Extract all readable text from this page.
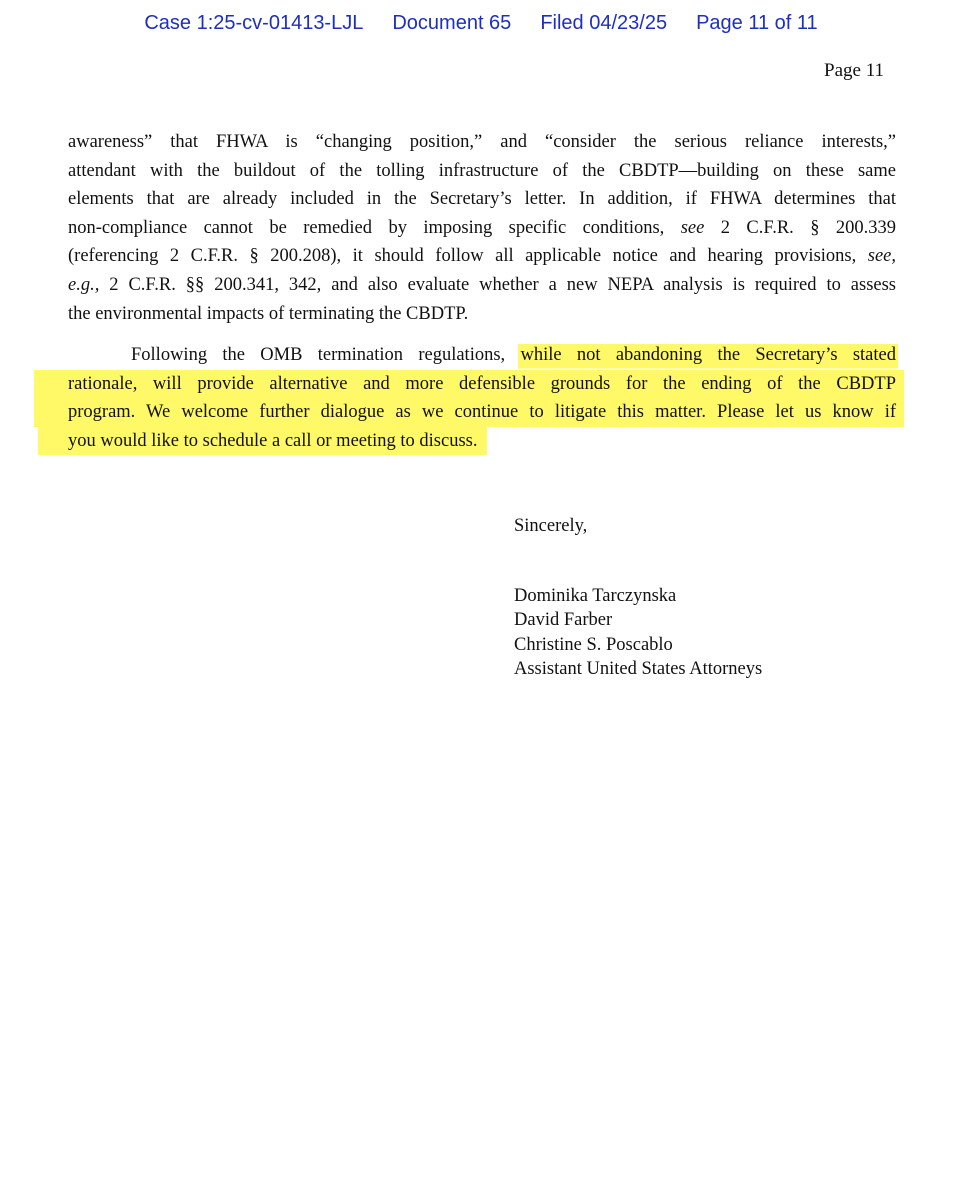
Case 1:25-cv-01413-LJL Document 65 Filed 04/23/25 Page 11 of 11
Page 11
awareness” that FHWA is “changing position,” and “consider the serious reliance interests,”
attendant with the buildout of the tolling infrastructure of the CBDTP—building on these same
elements that are already included in the Secretary’s letter. In addition, if FHWA determines that
non-compliance cannot be remedied by imposing specific conditions, see 2 C.F.R. § 200.339
(referencing 2 C.F.R. § 200.208), it should follow all applicable notice and hearing provisions, see,
e.g., 2 C.F.R. §§ 200.341, 342, and also evaluate whether a new NEPA analysis is required to assess
the environmental impacts of terminating the CBDTP.
Following the OMB termination regulations, while not abandoning the Secretary’s stated
rationale, will provide alternative and more defensible grounds for the ending of the CBDTP
program. We welcome further dialogue as we continue to litigate this matter. Please let us know if
you would like to schedule a call or meeting to discuss.
Sincerely,
Dominika Tarczynska
David Farber
Christine S. Poscablo
Assistant United States Attorneys
